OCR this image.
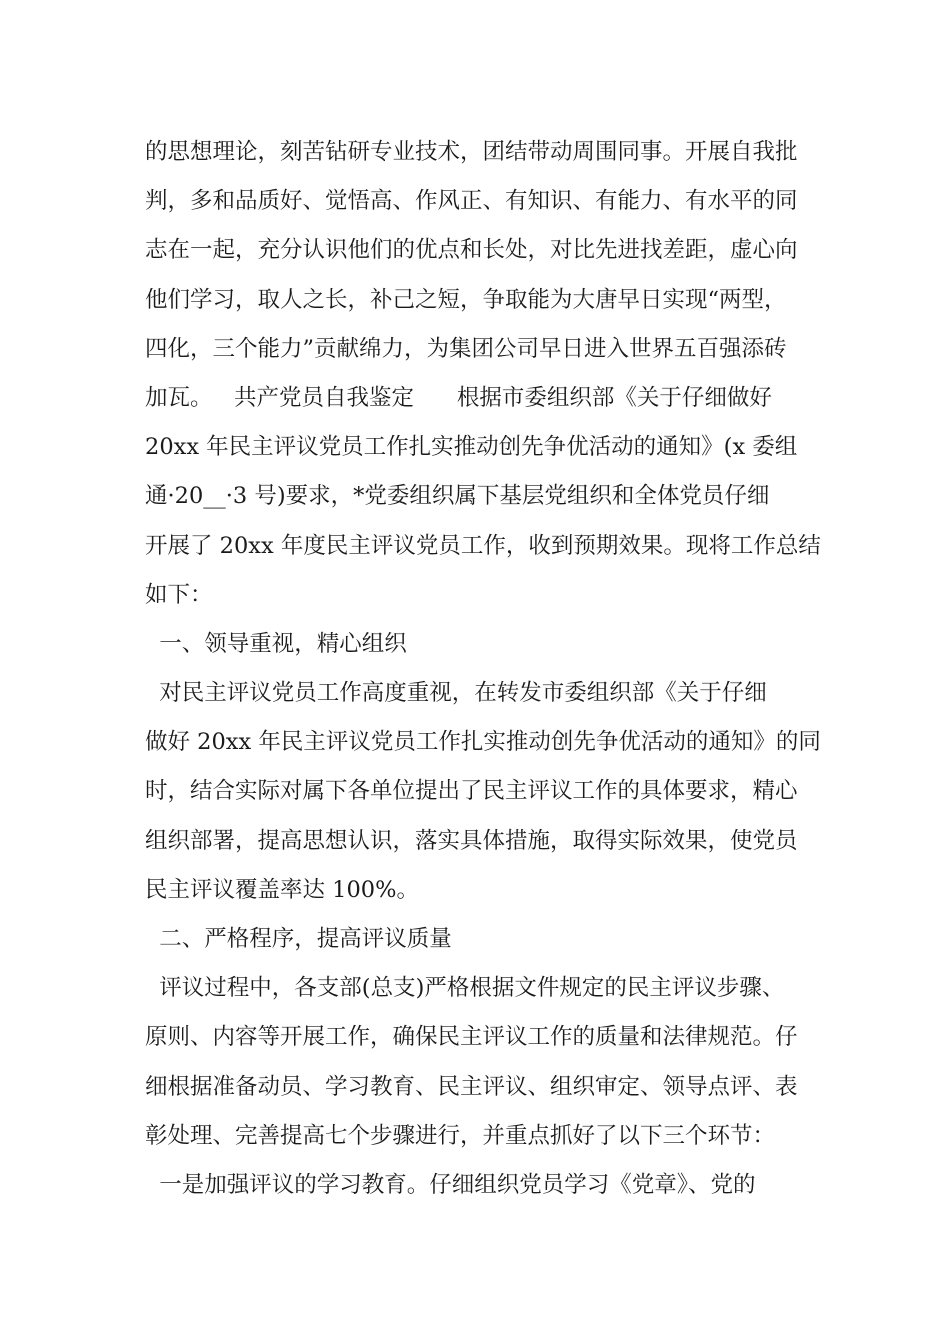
的思想理论，刻苦钻研专业技术，团结带动周围同事。开展自我批
判，多和品质好、觉悟高、作风正、有知识、有能力、有水平的同
志在一起，充分认识他们的优点和长处，对比先进找差距，虚心向
他们学习，取人之长，补己之短，争取能为大唐早日实现“两型，
四化，三个能力”贡献绵力，为集团公司早日进入世界五百强添砖
加瓦。   共产党员自我鉴定      根据市委组织部《关于仔细做好
20xx 年民主评议党员工作扎实推动创先争优活动的通知》(x 委组
通·20__·3 号)要求，*党委组织属下基层党组织和全体党员仔细
开展了 20xx 年度民主评议党员工作，收到预期效果。现将工作总结
如下：
一、领导重视，精心组织
对民主评议党员工作高度重视，在转发市委组织部《关于仔细
做好 20xx 年民主评议党员工作扎实推动创先争优活动的通知》的同
时，结合实际对属下各单位提出了民主评议工作的具体要求，精心
组织部署，提高思想认识，落实具体措施，取得实际效果，使党员
民主评议覆盖率达 100%。
二、严格程序，提高评议质量
评议过程中，各支部(总支)严格根据文件规定的民主评议步骤、
原则、内容等开展工作，确保民主评议工作的质量和法律规范。仔
细根据准备动员、学习教育、民主评议、组织审定、领导点评、表
彰处理、完善提高七个步骤进行，并重点抓好了以下三个环节：
一是加强评议的学习教育。仔细组织党员学习《党章》、党的
